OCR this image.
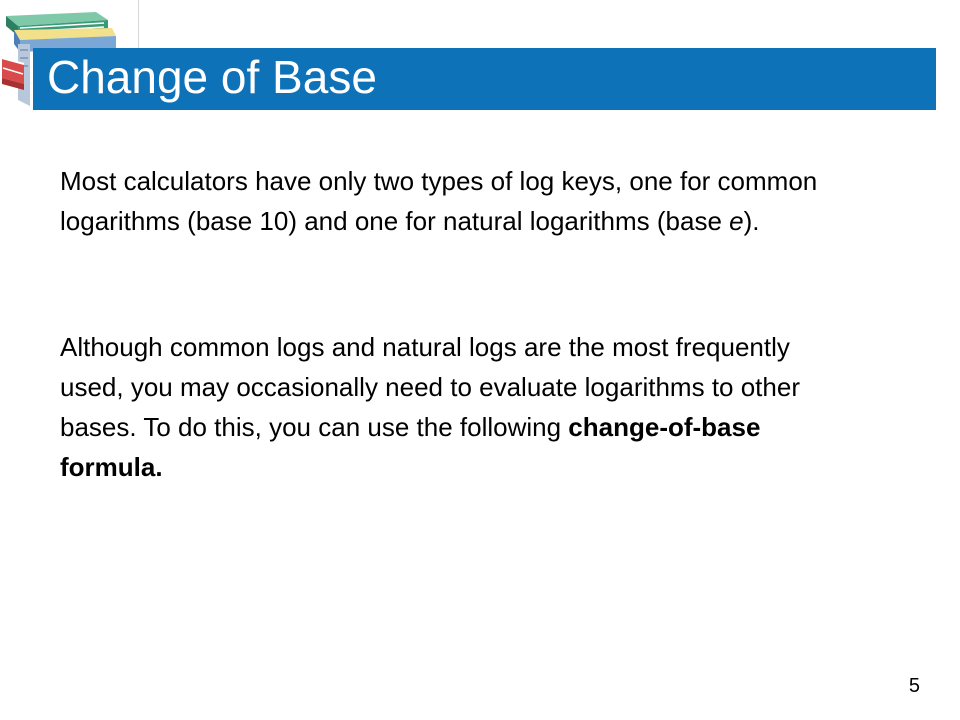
Change of Base

Most calculators have only two types of log keys, one for common logarithms (base 10) and one for natural logarithms (base e).

Although common logs and natural logs are the most frequently used, you may occasionally need to evaluate logarithms to other bases. To do this, you can use the following change-of-base formula.

5
